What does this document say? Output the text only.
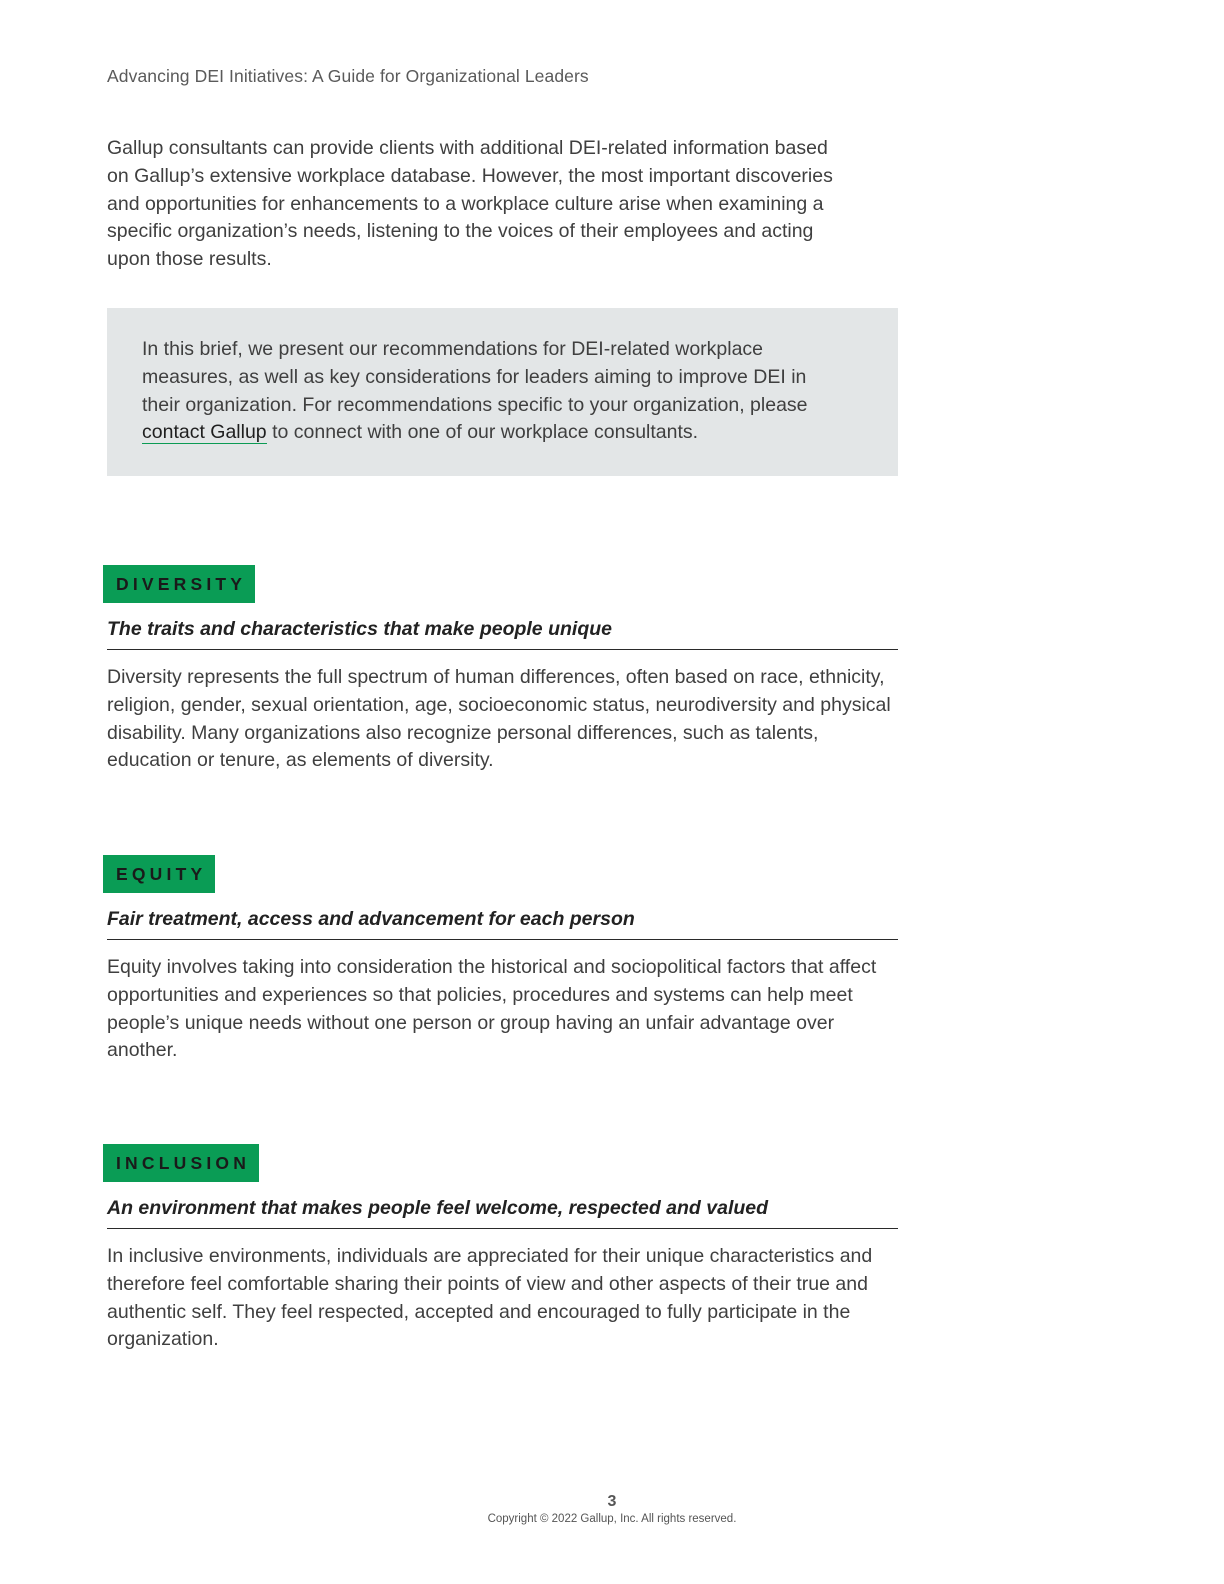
Advancing DEI Initiatives: A Guide for Organizational Leaders

Gallup consultants can provide clients with additional DEI-related information based on Gallup’s extensive workplace database. However, the most important discoveries and opportunities for enhancements to a workplace culture arise when examining a specific organization’s needs, listening to the voices of their employees and acting upon those results.

In this brief, we present our recommendations for DEI-related workplace measures, as well as key considerations for leaders aiming to improve DEI in their organization. For recommendations specific to your organization, please contact Gallup to connect with one of our workplace consultants.

DIVERSITY
The traits and characteristics that make people unique
Diversity represents the full spectrum of human differences, often based on race, ethnicity, religion, gender, sexual orientation, age, socioeconomic status, neurodiversity and physical disability. Many organizations also recognize personal differences, such as talents, education or tenure, as elements of diversity.
EQUITY
Fair treatment, access and advancement for each person
Equity involves taking into consideration the historical and sociopolitical factors that affect opportunities and experiences so that policies, procedures and systems can help meet people’s unique needs without one person or group having an unfair advantage over another.
INCLUSION
An environment that makes people feel welcome, respected and valued
In inclusive environments, individuals are appreciated for their unique characteristics and therefore feel comfortable sharing their points of view and other aspects of their true and authentic self. They feel respected, accepted and encouraged to fully participate in the organization.
3
Copyright © 2022 Gallup, Inc. All rights reserved.
